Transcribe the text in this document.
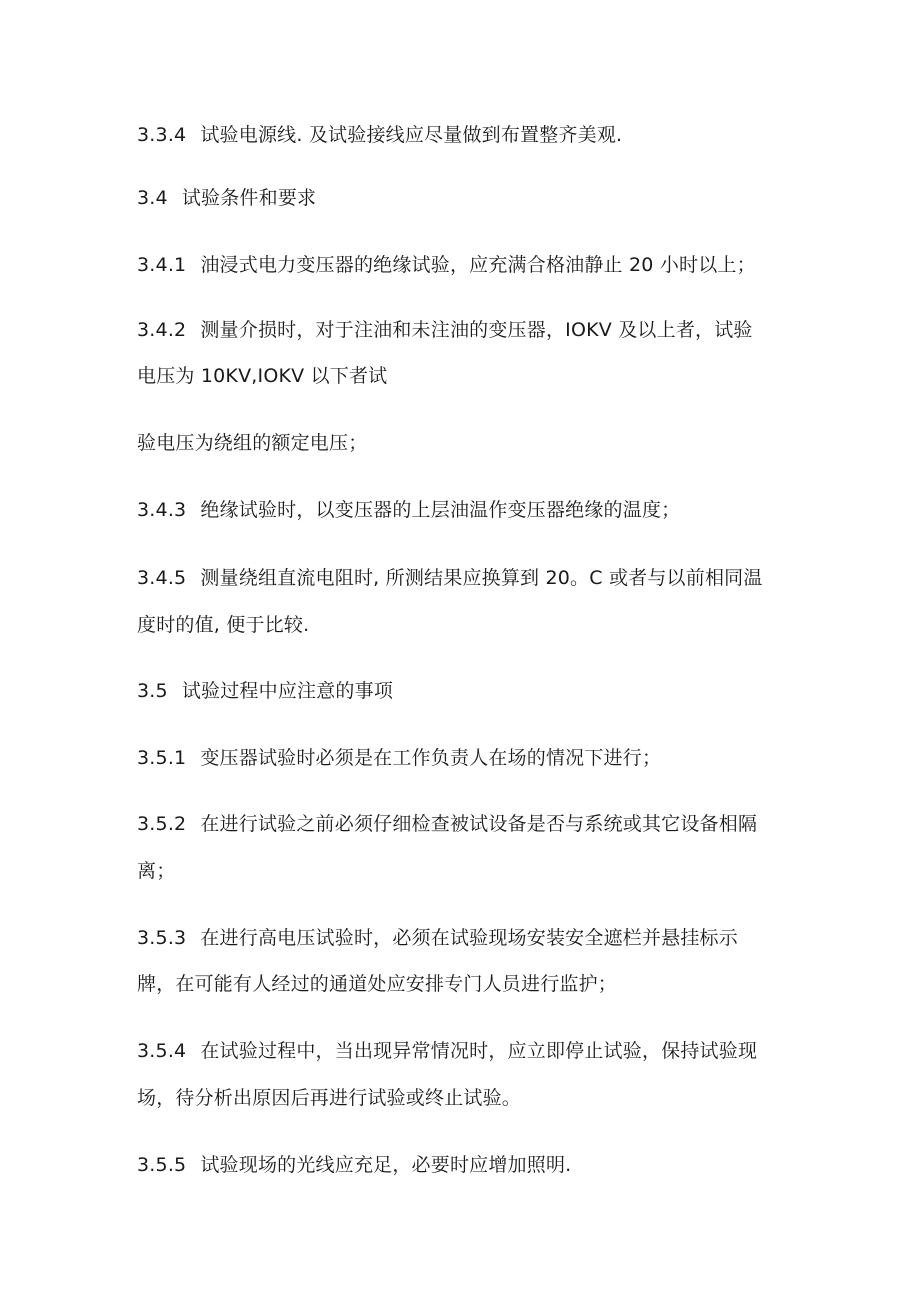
3.3.4 试验电源线. 及试验接线应尽量做到布置整齐美观.
3.4 试验条件和要求
3.4.1 油浸式电力变压器的绝缘试验，应充满合格油静止 20 小时以上；
3.4.2 测量介损时，对于注油和未注油的变压器，IOKV 及以上者，试验
电压为 10KV,IOKV 以下者试
验电压为绕组的额定电压；
3.4.3 绝缘试验时，以变压器的上层油温作变压器绝缘的温度；
3.4.5 测量绕组直流电阻时, 所测结果应换算到 20。C 或者与以前相同温
度时的值, 便于比较.
3.5 试验过程中应注意的事项
3.5.1 变压器试验时必须是在工作负责人在场的情况下进行；
3.5.2 在进行试验之前必须仔细检查被试设备是否与系统或其它设备相隔
离；
3.5.3 在进行高电压试验时，必须在试验现场安装安全遮栏并悬挂标示
牌，在可能有人经过的通道处应安排专门人员进行监护；
3.5.4 在试验过程中，当出现异常情况时，应立即停止试验，保持试验现
场，待分析出原因后再进行试验或终止试验。
3.5.5 试验现场的光线应充足，必要时应增加照明.
